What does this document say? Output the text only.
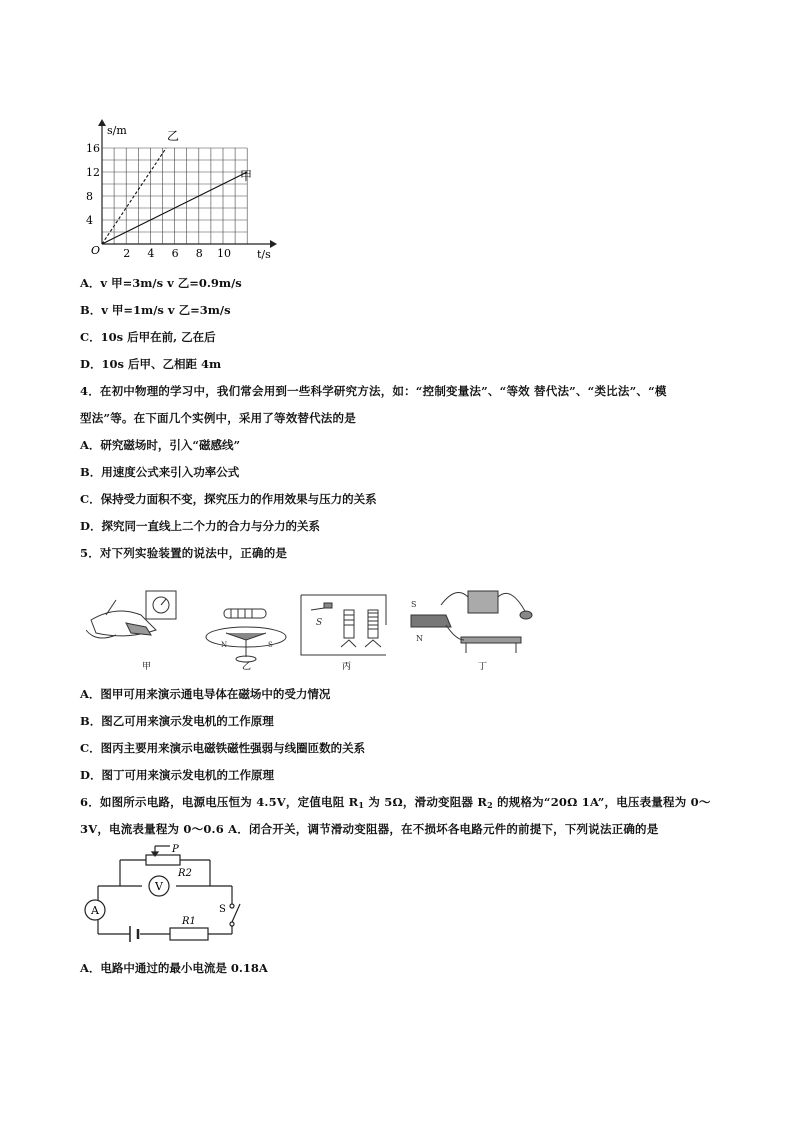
s/m
t/s
O
16
12
8
4
2 4 6 8 10
乙
甲
A．v 甲=3m/s v 乙=0.9m/s
B．v 甲=1m/s v 乙=3m/s
C．10s 后甲在前, 乙在后
D．10s 后甲、乙相距 4m
4．在初中物理的学习中，我们常会用到一些科学研究方法，如：“控制变量法”、“等效 替代法”、“类比法”、“模
型法”等。在下面几个实例中，采用了等效替代法的是
A．研究磁场时，引入“磁感线”
B．用速度公式来引入功率公式
C．保持受力面积不变，探究压力的作用效果与压力的关系
D．探究同一直线上二个力的合力与分力的关系
5．对下列实验装置的说法中，正确的是
N	S
S
S
N
甲	乙	丙	丁
A．图甲可用来演示通电导体在磁场中的受力情况
B．图乙可用来演示发电机的工作原理
C．图丙主要用来演示电磁铁磁性强弱与线圈匝数的关系
D．图丁可用来演示发电机的工作原理
6．如图所示电路，电源电压恒为 4.5V，定值电阻 $R_1$ 为 5Ω，滑动变阻器 $R_2$ 的规格为“20Ω 1A”，电压表量程为 0～
3V，电流表量程为 0～0.6 A．闭合开关，调节滑动变阻器，在不损坏各电路元件的前提下，下列说法正确的是
V
A
P
R2
R1
S
A．电路中通过的最小电流是 0.18A
